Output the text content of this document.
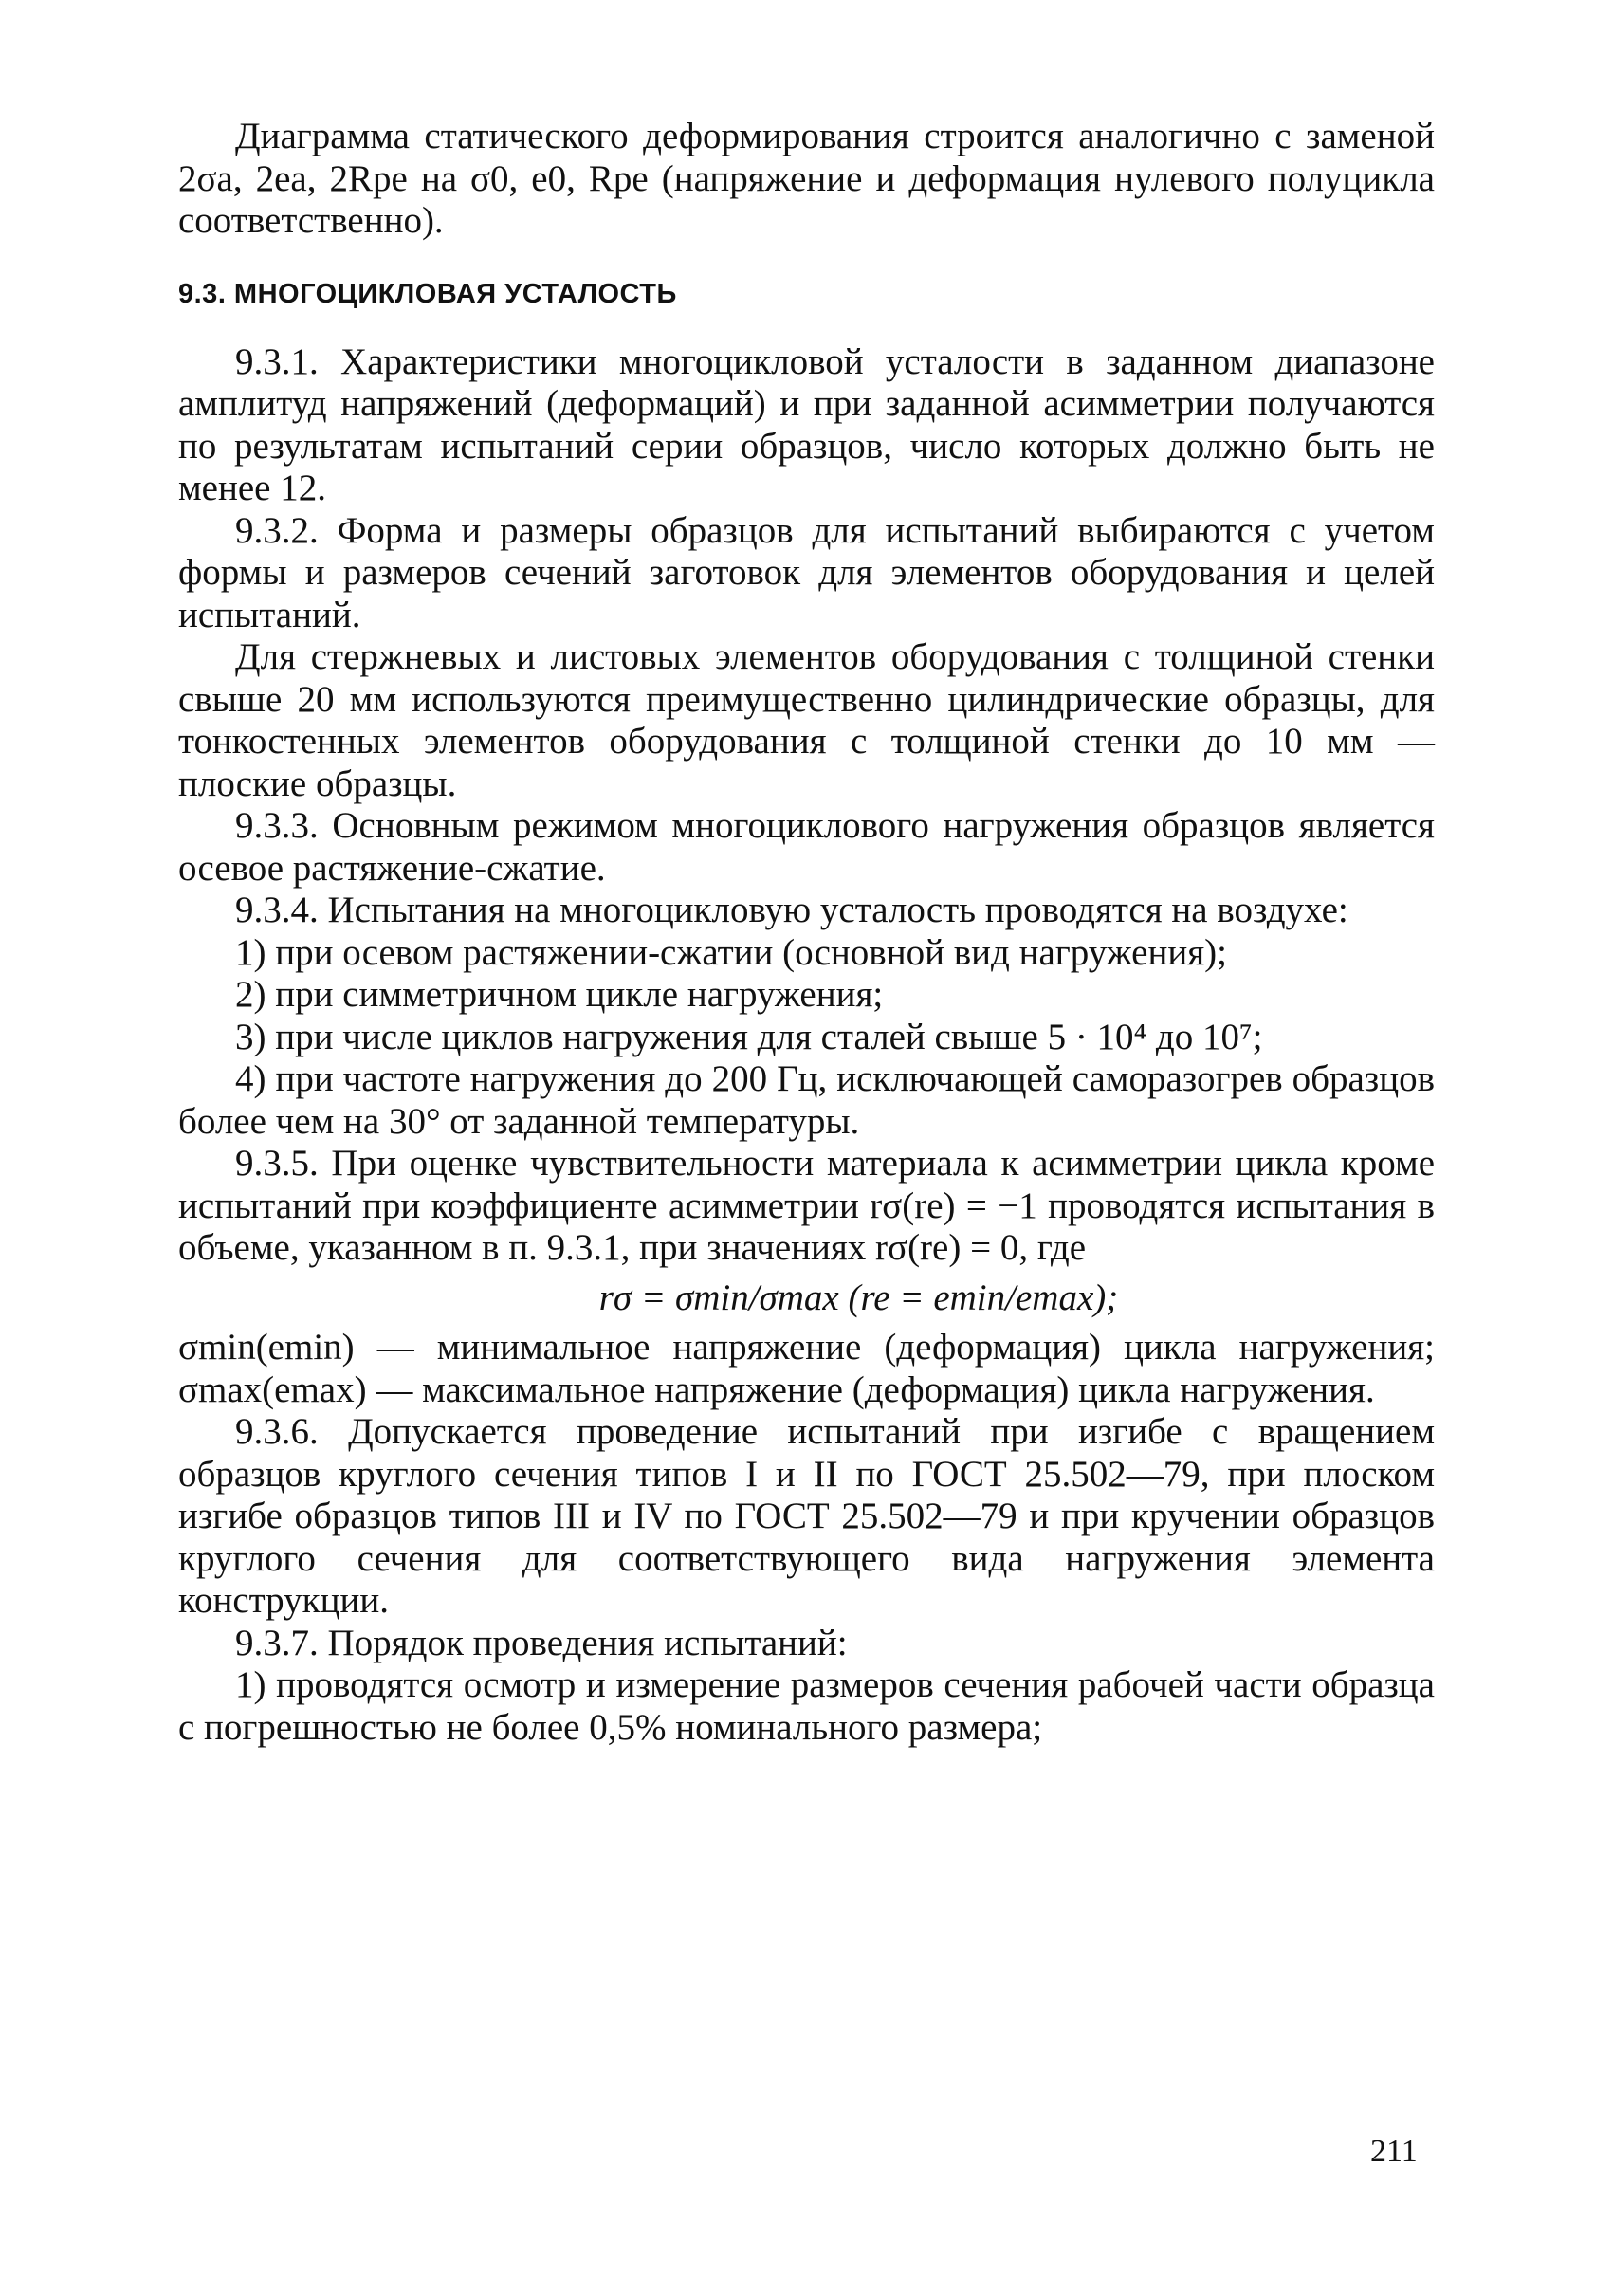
Диаграмма статического деформирования строится аналогично с заменой 2σa, 2ea, 2Rpe на σ0, e0, Rpe (напряжение и деформация нулевого полуцикла соответственно).

9.3. МНОГОЦИКЛОВАЯ УСТАЛОСТЬ

9.3.1. Характеристики многоцикловой усталости в заданном диапазоне амплитуд напряжений (деформаций) и при заданной асимметрии получаются по результатам испытаний серии образцов, число которых должно быть не менее 12.

9.3.2. Форма и размеры образцов для испытаний выбираются с учетом формы и размеров сечений заготовок для элементов оборудования и целей испытаний.

Для стержневых и листовых элементов оборудования с толщиной стенки свыше 20 мм используются преимущественно цилиндрические образцы, для тонкостенных элементов оборудования с толщиной стенки до 10 мм — плоские образцы.

9.3.3. Основным режимом многоциклового нагружения образцов является осевое растяжение-сжатие.

9.3.4. Испытания на многоцикловую усталость проводятся на воздухе:

1) при осевом растяжении-сжатии (основной вид нагружения);

2) при симметричном цикле нагружения;

3) при числе циклов нагружения для сталей свыше 5 · 10⁴ до 10⁷;

4) при частоте нагружения до 200 Гц, исключающей саморазогрев образцов более чем на 30° от заданной температуры.

9.3.5. При оценке чувствительности материала к асимметрии цикла кроме испытаний при коэффициенте асимметрии rσ(re) = −1 проводятся испытания в объеме, указанном в п. 9.3.1, при значениях rσ(re) = 0, где

rσ = σmin/σmax (re = emin/emax);

σmin(emin) — минимальное напряжение (деформация) цикла нагружения; σmax(emax) — максимальное напряжение (деформация) цикла нагружения.

9.3.6. Допускается проведение испытаний при изгибе с вращением образцов круглого сечения типов I и II по ГОСТ 25.502—79, при плоском изгибе образцов типов III и IV по ГОСТ 25.502—79 и при кручении образцов круглого сечения для соответствующего вида нагружения элемента конструкции.

9.3.7. Порядок проведения испытаний:

1) проводятся осмотр и измерение размеров сечения рабочей части образца с погрешностью не более 0,5% номинального размера;

211
